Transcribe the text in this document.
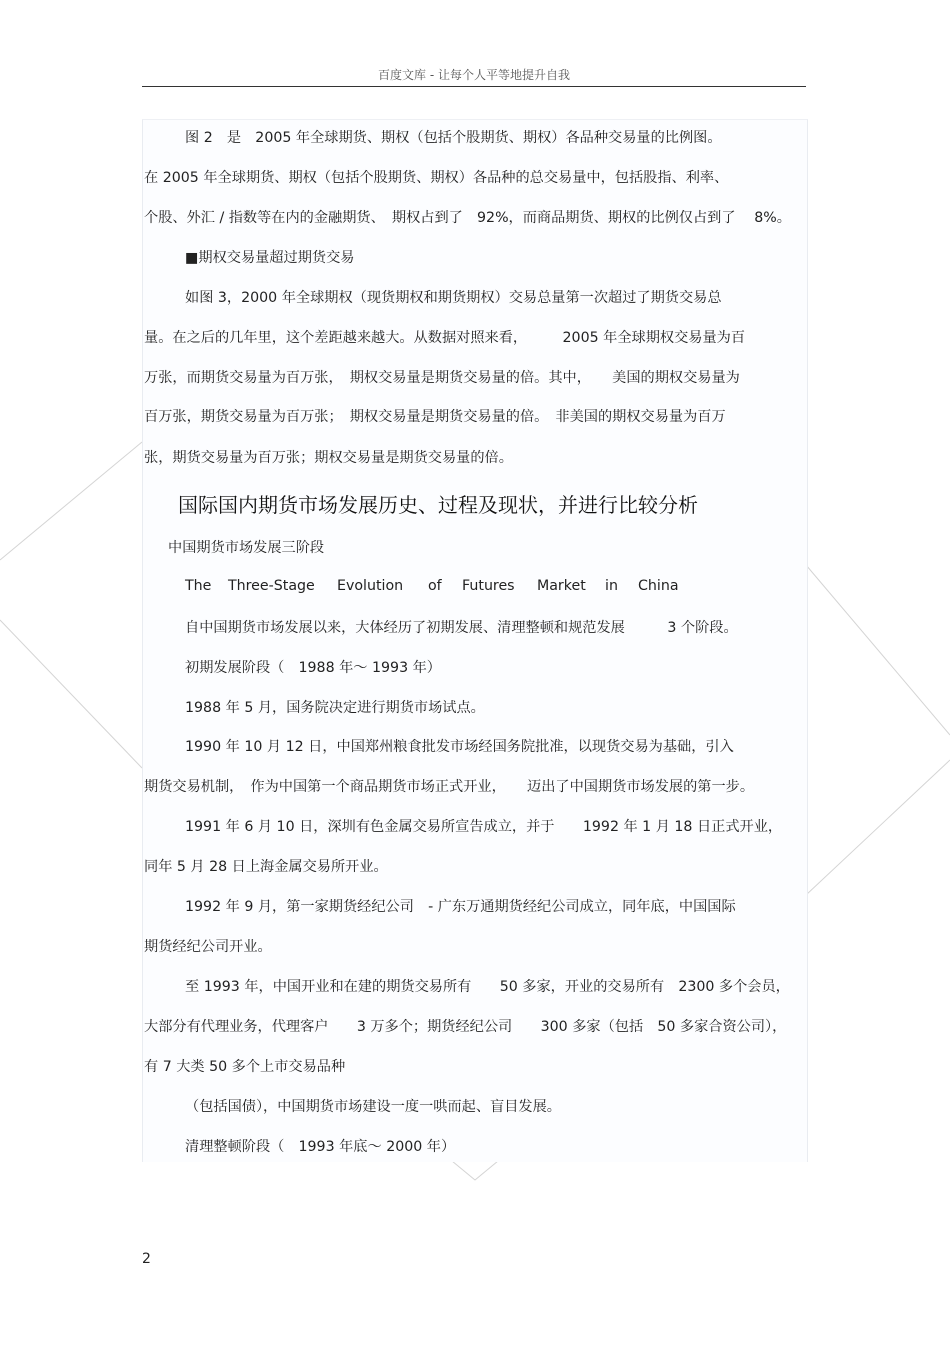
百度文库 - 让每个人平等地提升自我
图 2　是　2005 年全球期货、期权（包括个股期货、期权）各品种交易量的比例图。
在 2005 年全球期货、期权（包括个股期货、期权）各品种的总交易量中，包括股指、利率、
个股、外汇 / 指数等在内的金融期货、　期权占到了　92%，而商品期货、期权的比例仅占到了　 8%。
■期权交易量超过期货交易
如图 3，2000 年全球期权（现货期权和期货期权）交易总量第一次超过了期货交易总
量。在之后的几年里，这个差距越来越大。从数据对照来看，　　　2005 年全球期权交易量为百
万张，而期货交易量为百万张，　期权交易量是期货交易量的倍。其中，　　美国的期权交易量为
百万张，期货交易量为百万张；　期权交易量是期货交易量的倍。　非美国的期权交易量为百万
张，期货交易量为百万张；期权交易量是期货交易量的倍。
国际国内期货市场发展历史、过程及现状，并进行比较分析
中国期货市场发展三阶段
The Three-Stage Evolution of Futures Market in China
自中国期货市场发展以来，大体经历了初期发展、清理整顿和规范发展　　　3 个阶段。
初期发展阶段（　1988 年～ 1993 年）
1988 年 5 月，国务院决定进行期货市场试点。
1990 年 10 月 12 日，中国郑州粮食批发市场经国务院批准，以现货交易为基础，引入
期货交易机制，　作为中国第一个商品期货市场正式开业，　　迈出了中国期货市场发展的第一步。
1991 年 6 月 10 日，深圳有色金属交易所宣告成立，并于　　1992 年 1 月 18 日正式开业，
同年 5 月 28 日上海金属交易所开业。
1992 年 9 月，第一家期货经纪公司　- 广东万通期货经纪公司成立，同年底，中国国际
期货经纪公司开业。
至 1993 年，中国开业和在建的期货交易所有　　50 多家，开业的交易所有　2300 多个会员，
大部分有代理业务，代理客户　　3 万多个；期货经纪公司　　300 多家（包括　50 多家合资公司），
有 7 大类 50 多个上市交易品种
（包括国债），中国期货市场建设一度一哄而起、盲目发展。
清理整顿阶段（　1993 年底～ 2000 年）
2
